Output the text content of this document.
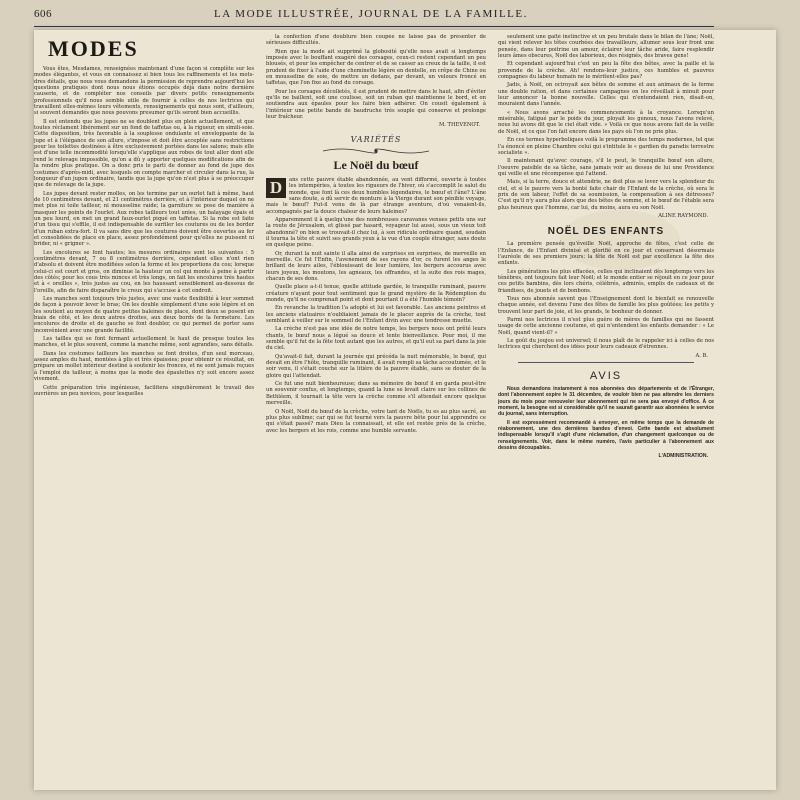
606	LA MODE ILLUSTRÉE, JOURNAL DE LA FAMILLE.
MODES

Vous êtes, Mesdames, renseignées maintenant d'une façon si complète sur les modes élégantes, et vous en connaissez si bien tous les raffinements et les mots-dres détails, que nous vous demandons la permission de reprendre aujourd'hui les questions pratiques dont nous nous étions occupés déjà dans notre dernière causerie, et de compléter nos conseils par divers petits renseignements professionnels qu'il nous semble utile de fournir à celles de nos lectrices qui travaillent elles-mêmes leurs vêtements, renseignements qui nous sont, d'ailleurs, si souvent demandés que nous pouvons presumer qu'ils seront bien accueillis.

Il est entendu que les jupes ne se doublent plus en plein actuellement, et que toutes réclament libérement sur un fond de taffetas ou, à la rigueur, en simili-soie. Cette disposition, très favorable à la souplesse ondulante et enveloppante de la jupe et à l'élégance de son allure, s'impose et doit être acceptée sans restrictions pour les toilettes destinées à être exclusivement portées dans les salons; mais elle est d'une telle incommodité lorsqu'elle s'applique aux robes de tout aller dont elle rend le relevage impossible, qu'on a dû y apporter quelques modifications afin de la rendre plus pratique. On a donc pris le parti de donner au fond de jupe des costumes d'après-midi, avec lesquels on compte marcher et circuler dans la rue, la longueur d'un jupon ordinaire, tandis que la jupe qu'on n'est plus à se préoccuper que de relevage de la jupe.

Les jupes devant rester molles, on les termine par un ourlet fait à même, haut de 10 centimètres devant, et 21 centimètres derrière, et à l'intérieur duquel on ne met plus ni toile tailleur, ni mousseline raide; la garniture se pose de manière à masquer les points de l'ourlet. Aux robes tailleurs tout unies, un balayage épais et un peu lourd, en met un grand faux-ourlet piqué en taffetas. Si la robe est faite d'un tissu qui s'effile, il est indispensable de surfiler les coutures ou de les border d'un ruban extra-fort. Il va sans dire que les coutures doivent être ouvertes au fer et consolidées de place en place, assez profondément pour qu'elles ne puissent ni brider, ni « grigner ».

Les encolures se font hautes; les mesures ordinaires sont les suivantes : 5 centimètres devant, 7 ou 8 centimètres derrière, cependant elles n'ont rien d'absolu et doivent être modifiées selon la forme et les proportions du cou; lorsque celui-ci est court et gros, on diminue la hauteur un col qui monte à peine à partir des côtés; pour les cous très minces et très longs, on fait les encolures très hautes et à « oreilles », très justes au cou, en les haussant sensiblement au-dessous de l'oreille, afin de faire disparaître le creux qui s'accuse à cet endroit.

Les manches sont toujours très justes, avec une vaste flexibilité à leur sommet de façon à pouvoir lever le bras; On les double simplement d'une soie légère et on les soutient au moyen de quatre petites baleines de place, dont deux se posent en biais de côté, et les deux autres droites, aux deux bords de la fermeture. Les encolures de droite et de gauche se font doubler, ce qui permet de porter sans inconvénient avec une grande facilité.

Les tailles qui se font fermant actuellement le haut de presque toutes les manches, et le plus souvent, comme la manche même, sont agrandies, sans détails.

Dans les costumes tailleurs les manches se font droites, d'un seul morceau, assez amples du haut, montées à plis et très épaissies; pour obtenir ce résultat, on prépare un mollet intérieur destiné à soutenir les fronces, et ne sont jamais reçues à l'emploi du tailleur, à moins que la mode des épaulettes n'y soit encore assez vivement.

Cette préparation très ingénieuse, facilitera singulièrement le travail des ouvrières un peu novices, pour lesquelles

la confection d'une doublure bien coupée ne laisse pas de présenter de sérieuses difficultés.

Rien que la mode ait supprimé la globosité qu'elle nous avait si longtemps imposée avec le bouffant exagéré des corsages, ceux-ci restent cependant un peu blousés, et pour les empêcher de centrer et de se casser au creux de la taille, il est prudent de fixer à l'aide d'une cheminette légère en dentelle, en crêpe de Chine ou en mousseline de soie, de mettre un dedans, par devant, un velours froncé en taffetas, que l'on fixe au fond du corsage.

Pour les corsages décolletés, il est prudent de mettre dans le haut, afin d'éviter qu'ils ne baillent, soit une coulisse, soit un ruban qui maintienne le bord, et on soutiendra aux épaules pour les faire bien adhérer. On cousit également à l'intérieur une petite bande de baudruche très souple qui conserve et prolonge leur fraîcheur.

M. THEVENOT.

VARIÉTÉS
Le Noël du bœuf
D	ans cette pauvre étable abandonnée, au vent difformé, ouverte à toutes les intempéries, à toutes les rigueurs de l'hiver, où s'accomplit le salut du monde, que font là ces deux humbles légendaires, le bœuf et l'âne? L'âne sans doute, a dû servir de monture à la Vierge durant son pénible voyage, mais le bœuf? Fut-il venu de là par étrange aventure, d'où venaient-ils, accompagnés par la douce chaleur de leurs haleines?

Apparemment il à quelqu'une des nombreuses caravanes venues petits uns sur la route de Jérusalem, et glissé par hasard, voyageur lui aussi, sous un vieux toit abandonné? on bien se trouvait-il chez lui, à son ridicule ordinaire quand, soudain il tourna la tête et suivit ses grands yeux à la vue d'un couple étranger, sans doute en quelque peine.

Or, durant la nuit sainte il alla ainsi de surprises en surprises, de merveille en merveille. Ce fut l'Enfin, l'avenement de ses rayons d'or, ce furent les anges le brillant de leurs ailes, l'éblouissant de leur lumière, les bergers accourus avec leurs joyeux, les moutons, les agneaux, les offrandes, et la suite des rois mages, chacun de ses dons.

Quelle place a-t-il tenue, quelle attitude gardée, le tranquille ruminant, pauvre créature n'ayant pour tout sentiment que le grand mystère de la Rédemption du monde, qu'il ne comprenait point et dont pourtant il a été l'humble témoin?

En revanche la tradition l'a adopté et lui est favorable. Les anciens peintres et les anciens statuaires n'oubliaient jamais de le placer auprès de la crèche, tout semblant à veiller sur le sommeil de l'Enfant divin avec une tendresse muette.

La crèche n'est pas une idée de notre temps, les bergers nous ont prêté leurs chants, le bœuf nous a légué sa douce et lente bienveillance. Pour moi, il me semble qu'il fut de la fête tout autant que les autres, et qu'il eut sa part dans la joie du ciel.

Qu'avait-il fait, durant la journée qui précéda la nuit mémorable, le bœuf, qui devait en être l'hôte, tranquille ruminant, il avait rempli sa tâche accoutumée, et le soir venu, il s'était couché sur la litière de la pauvre étable, sans se douter de la gloire qui l'attendait.

Ce fut une nuit bienheureuse; dans sa mémoire de bœuf il en garda peut-être un souvenir confus, et longtemps, quand la lune se levait claire sur les collines de Bethléem, il tournait la tête vers la crèche comme s'il attendait encore quelque merveille.

O Noël, Noël du bœuf de la crèche, votre tant de Noëls, tu es au plus sacré, au plus plus sublime; car qui se fut tourné vers la pauvre bête pour lui apprendre ce qui s'était passé? mais Dieu la connaissait, et elle est restée près de la crèche, avec les bergers et les rois, comme une humble servante.

seulement une gaîté instinctive et un peu brutale dans le bilan de l'âne; Noël, qui vient relever les têtes courbées des travailleurs, allumer sous leur front une pensée, dans leur poitrine un amour, éclairer leur tâche aride, faire resplendir leurs âmes obscures, Noël des laborieux, des résignés, des braves gens!

Et cependant aujourd'hui c'est un peu la fête des bêtes, avec la paille et la provende de la crèche. Ah! rendons-leur justice, ces humbles et pauvres compagnes du labeur humain ne le méritent-elles pas?

Jadis, à Noël, on octroyait aux bêtes de somme et aux animaux de la ferme une double ration, et dans certaines campagnes on les réveillait à minuit pour leur annoncer la bonne nouvelle. Celles qui n'entendaient rien, disait-on, mouraient dans l'année.

« Nous avons arraché les commencements à la croyance. Lorsqu'un misérable, fatigué par le poids du jour, ployait les genoux, nous l'avons relevé, nous lui avons dit que le ciel était vide. » Voilà ce que nous avons fait de la veille de Noël, et ce que l'on fait encore dans les pays où l'on ne prie plus.

En ces termes hyperboliques voilà le programme des temps modernes, tel que l'a énoncé en pleine Chambre celui qui s'intitule le « gardien du paradis terrestre socialiste ».

Il maintenant qu'avec courage, s'il le peut, le tranquille bœuf son allure, l'oeuvre paisible de sa tâche, sans jamais voir au dessus de lui une Providence qui veille et une récompense qui l'attend.

Mais, si la terre, douce et attendrie, ne doit plus se lever vers la splendeur du ciel, et si le pauvre vers la bonté faite chair de l'Enfant de la crèche, où sera le prix de son labeur, l'effet de sa soumission, la compensation à ses détresses? C'est qu'il n'y aura plus alors que des bêtes de somme, et le bœuf de l'étable sera plus heureux que l'homme, car lui, du moins, aura eu son Noël.

ALINE RAYMOND.

NOËL DES ENFANTS

La première pensée qu'éveille Noël, approche de fêtes, c'est celle de l'Enfance, de l'Enfant divinisé et glorifié en ce jour et conservant désormais l'auréole de ses premiers jours; la fête de Noël est par excellence la fête des enfants.

Les générations les plus effacées, celles qui inclinaient dès longtemps vers les ténèbres, ont toujours fait leur Noël; et le monde entier se réjouit en ce jour pour ces petits bambins, dès lors chéris, célébrés, admirés, emplis de cadeaux et de friandises, de jouets et de bonbons.

Tous nos abonnés savent que l'Enseignement dont le bienfait se renouvelle chaque année, est devenu l'une des fêtes de famille les plus goûtées; les petits y trouvent leur part de joie, et les grands, le bonheur de donner.

Parmi nos lectrices il n'est plus guère de mères de familles qui ne fassent usage de cette ancienne coutume, et qui n'entendent les enfants demander : « Le Noël, quand vient-il? »

Le goût du joujou est universel; il nous plaît de le rappeler ici à celles de nos lectrices qui cherchent des idées pour leurs cadeaux d'étrennes.

A. B.

AVIS

Nous demandons instamment à nos abonnées des départements et de l'Étranger, dont l'abonnement expire le 31 décembre, de vouloir bien ne pas attendre les derniers jours du mois pour renouveler leur abonnement qui ne sera pas envoyé d'office. À ce moment, la besogne est si considérable qu'il ne saurait garantir aux abonnées le service du journal, sans interruption.

Il est expressément recommandé à envoyer, en même temps que la demande de réabonnement, une des dernières bandes d'envoi. Cette bande est absolument indispensable lorsqu'il s'agit d'une réclamation, d'un changement quelconque ou de renseignements. Voir, dans le même numéro, l'avis particulier à l'abonnement aux dessins découpables.

L'ADMINISTRATION.
